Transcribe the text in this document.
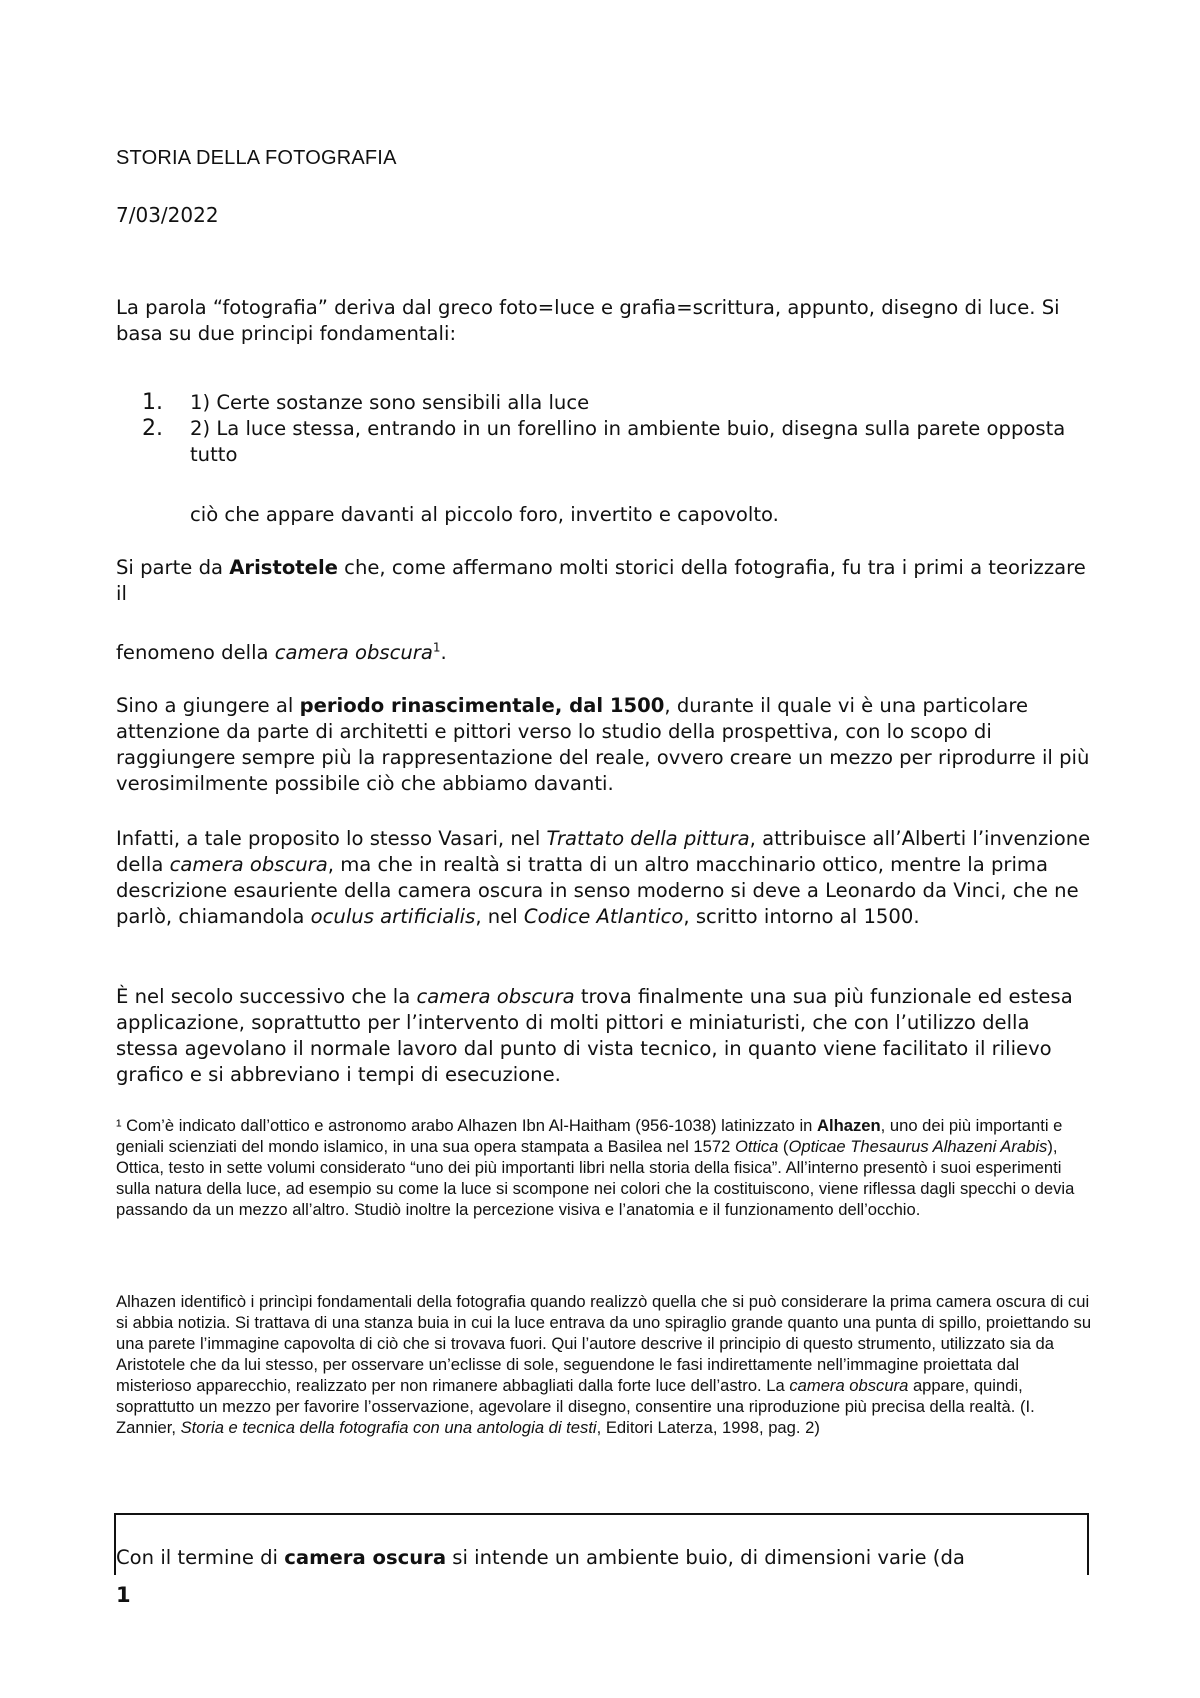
STORIA DELLA FOTOGRAFIA

7/03/2022

La parola “fotografia” deriva dal greco foto=luce e grafia=scrittura, appunto, disegno di luce. Si basa su due principi fondamentali:

1. 1) Certe sostanze sono sensibili alla luce
2. 2) La luce stessa, entrando in un forellino in ambiente buio, disegna sulla parete opposta tutto

ciò che appare davanti al piccolo foro, invertito e capovolto.

Si parte da Aristotele che, come affermano molti storici della fotografia, fu tra i primi a teorizzare il

fenomeno della camera obscura$^1$.

Sino a giungere al periodo rinascimentale, dal 1500, durante il quale vi è una particolare attenzione da parte di architetti e pittori verso lo studio della prospettiva, con lo scopo di raggiungere sempre più la rappresentazione del reale, ovvero creare un mezzo per riprodurre il più verosimilmente possibile ciò che abbiamo davanti.

Infatti, a tale proposito lo stesso Vasari, nel Trattato della pittura, attribuisce all’Alberti l’invenzione della camera obscura, ma che in realtà si tratta di un altro macchinario ottico, mentre la prima descrizione esauriente della camera oscura in senso moderno si deve a Leonardo da Vinci, che ne parlò, chiamandola oculus artificialis, nel Codice Atlantico, scritto intorno al 1500.

È nel secolo successivo che la camera obscura trova finalmente una sua più funzionale ed estesa applicazione, soprattutto per l’intervento di molti pittori e miniaturisti, che con l’utilizzo della stessa agevolano il normale lavoro dal punto di vista tecnico, in quanto viene facilitato il rilievo grafico e si abbreviano i tempi di esecuzione.

¹ Com’è indicato dall’ottico e astronomo arabo Alhazen Ibn Al-Haitham (956-1038) latinizzato in Alhazen, uno dei più importanti e geniali scienziati del mondo islamico, in una sua opera stampata a Basilea nel 1572 Ottica (Opticae Thesaurus Alhazeni Arabis), Ottica, testo in sette volumi considerato “uno dei più importanti libri nella storia della fisica”. All’interno presentò i suoi esperimenti sulla natura della luce, ad esempio su come la luce si scompone nei colori che la costituiscono, viene riflessa dagli specchi o devia passando da un mezzo all’altro. Studiò inoltre la percezione visiva e l’anatomia e il funzionamento dell’occhio.

Alhazen identificò i princìpi fondamentali della fotografia quando realizzò quella che si può considerare la prima camera oscura di cui si abbia notizia. Si trattava di una stanza buia in cui la luce entrava da uno spiraglio grande quanto una punta di spillo, proiettando su una parete l’immagine capovolta di ciò che si trovava fuori. Qui l’autore descrive il principio di questo strumento, utilizzato sia da Aristotele che da lui stesso, per osservare un’eclisse di sole, seguendone le fasi indirettamente nell’immagine proiettata dal misterioso apparecchio, realizzato per non rimanere abbagliati dalla forte luce dell’astro. La camera obscura appare, quindi, soprattutto un mezzo per favorire l’osservazione, agevolare il disegno, consentire una riproduzione più precisa della realtà. (I. Zannier, Storia e tecnica della fotografia con una antologia di testi, Editori Laterza, 1998, pag. 2)

Con il termine di camera oscura si intende un ambiente buio, di dimensioni varie (da

1
